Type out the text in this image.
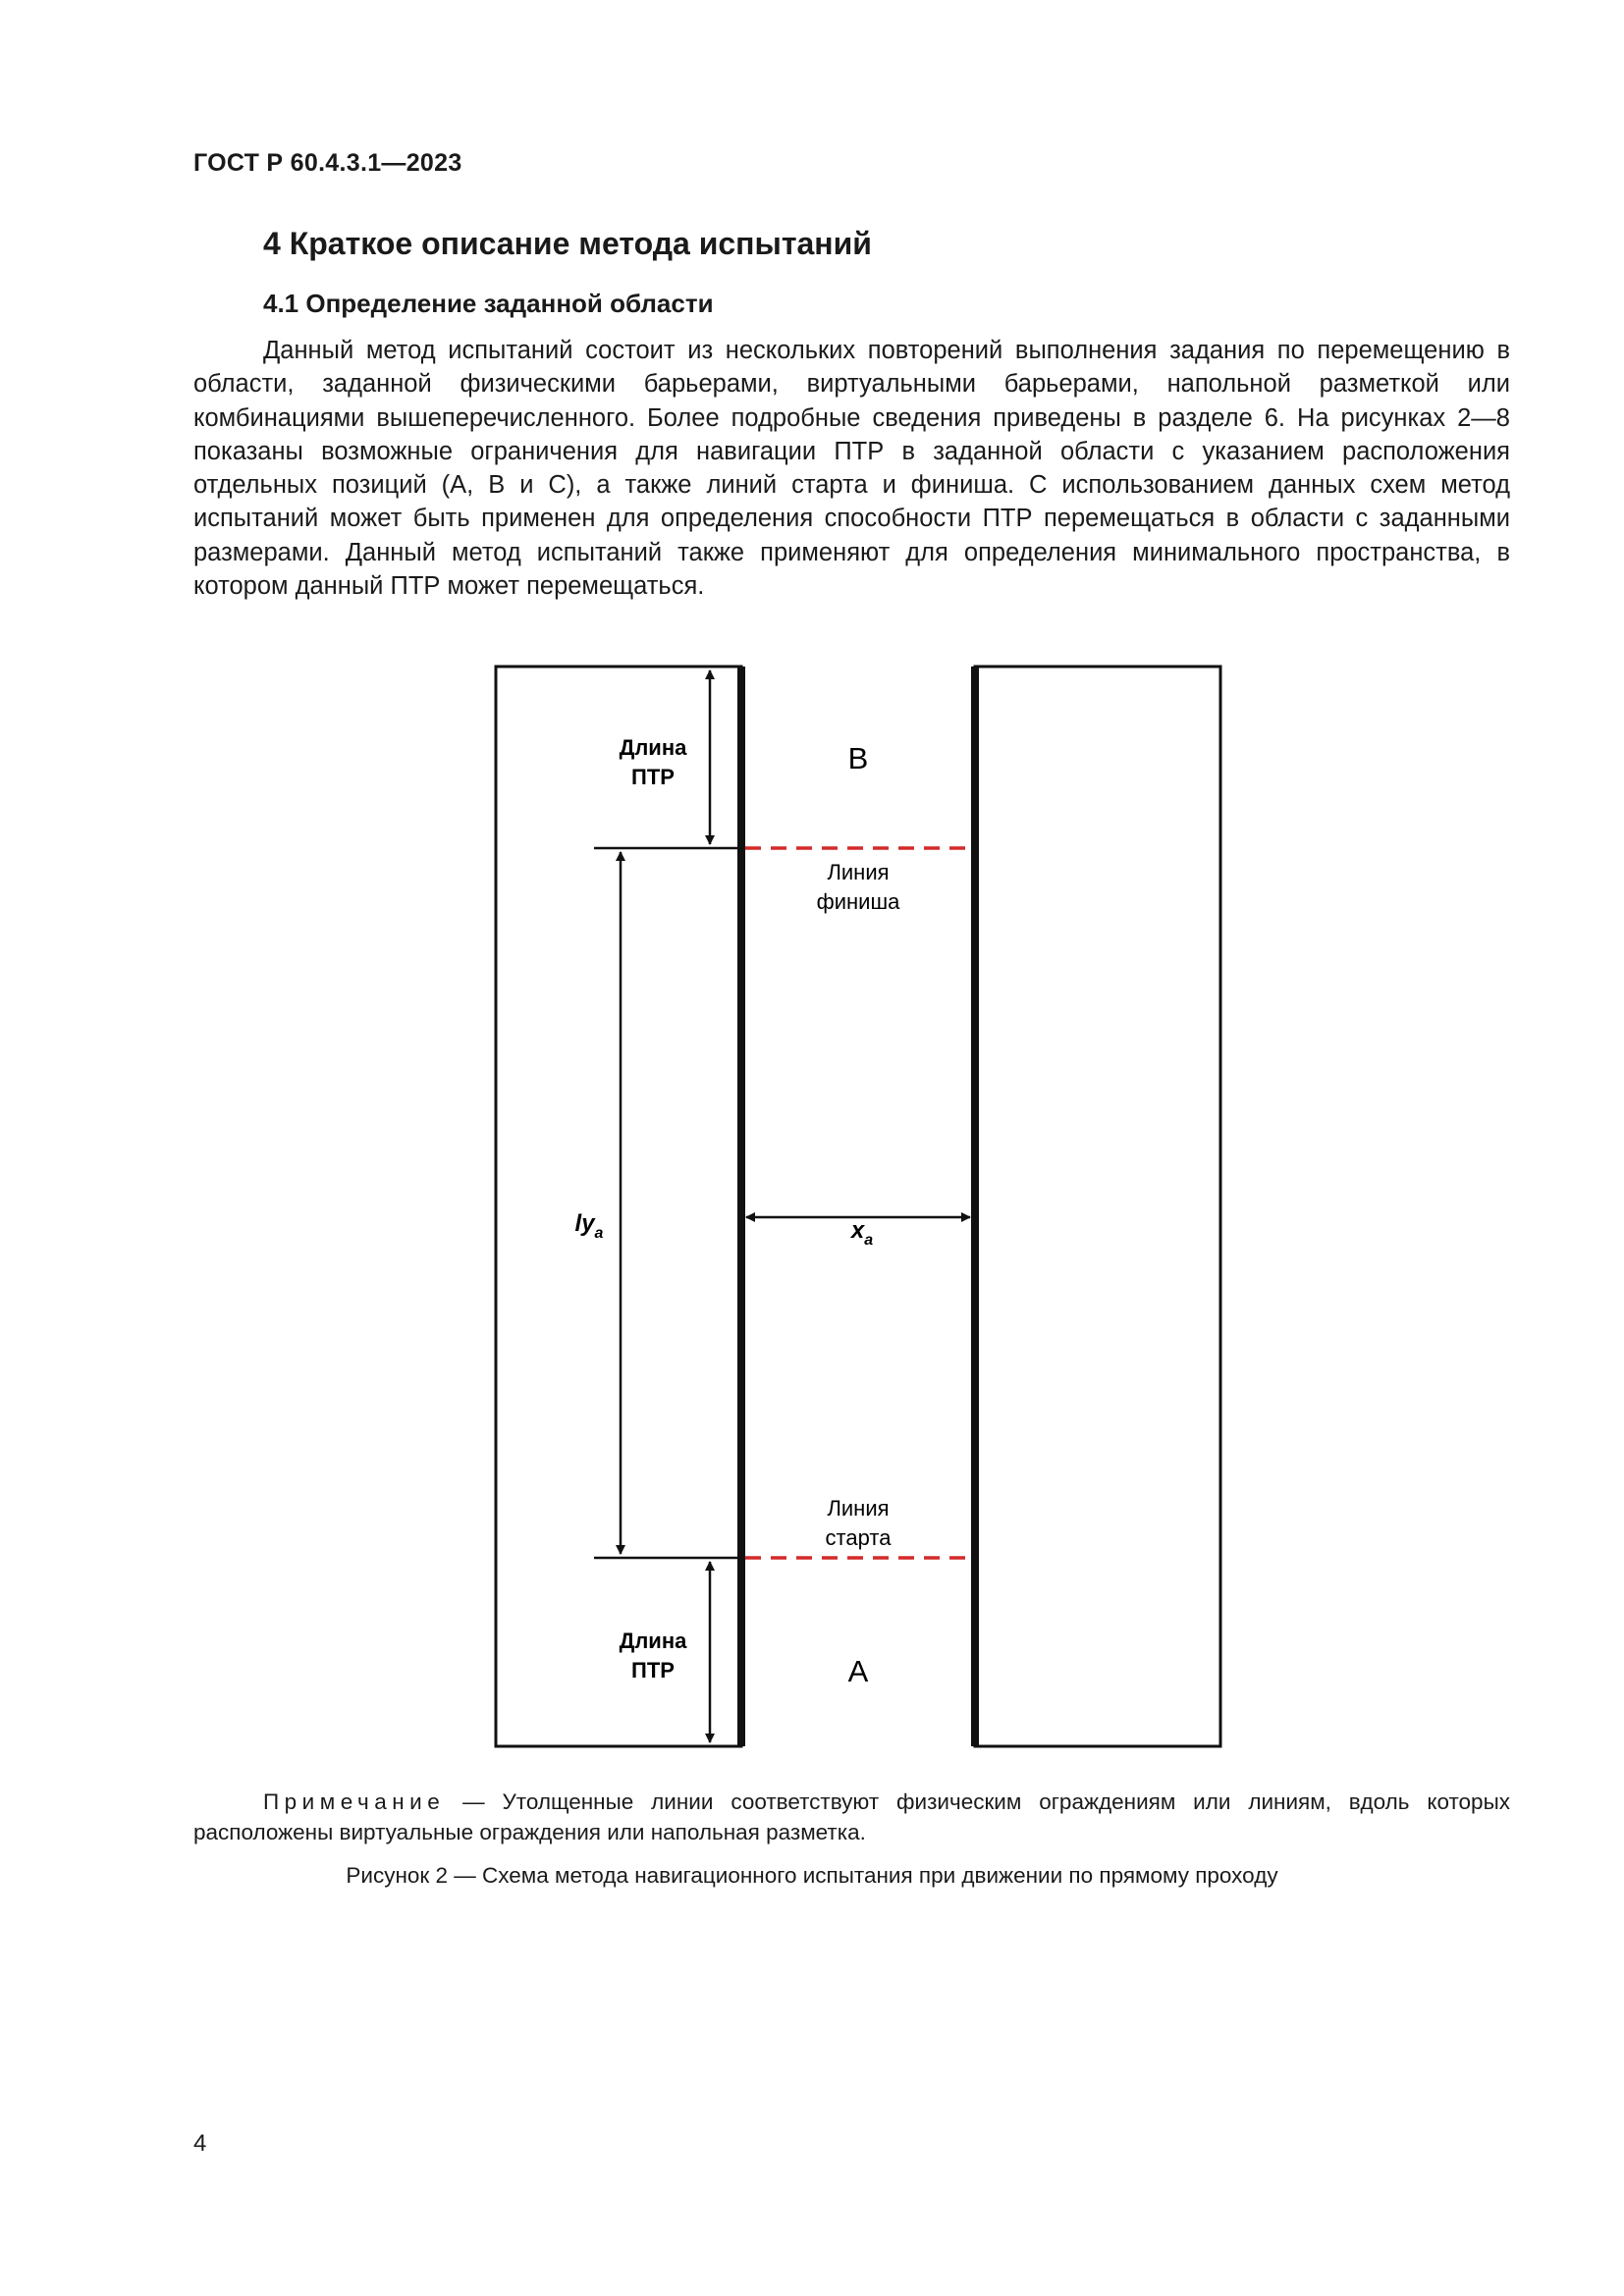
ГОСТ Р 60.4.3.1—2023
4 Краткое описание метода испытаний
4.1 Определение заданной области
Данный метод испытаний состоит из нескольких повторений выполнения задания по перемещению в области, заданной физическими барьерами, виртуальными барьерами, напольной разметкой или комбинациями вышеперечисленного. Более подробные сведения приведены в разделе 6. На рисунках 2—8 показаны возможные ограничения для навигации ПТР в заданной области с указанием расположения отдельных позиций (A, B и C), а также линий старта и финиша. С использованием данных схем метод испытаний может быть применен для определения способности ПТР перемещаться в области с заданными размерами. Данный метод испытаний также применяют для определения минимального пространства, в котором данный ПТР может перемещаться.
Длина
ПТР
B
Линия
финиша
$ly_a$	$x_a$
Линия
старта
Длина
ПТР	A
Примечание — Утолщенные линии соответствуют физическим ограждениям или линиям, вдоль которых расположены виртуальные ограждения или напольная разметка.
Рисунок 2 — Схема метода навигационного испытания при движении по прямому проходу
4
